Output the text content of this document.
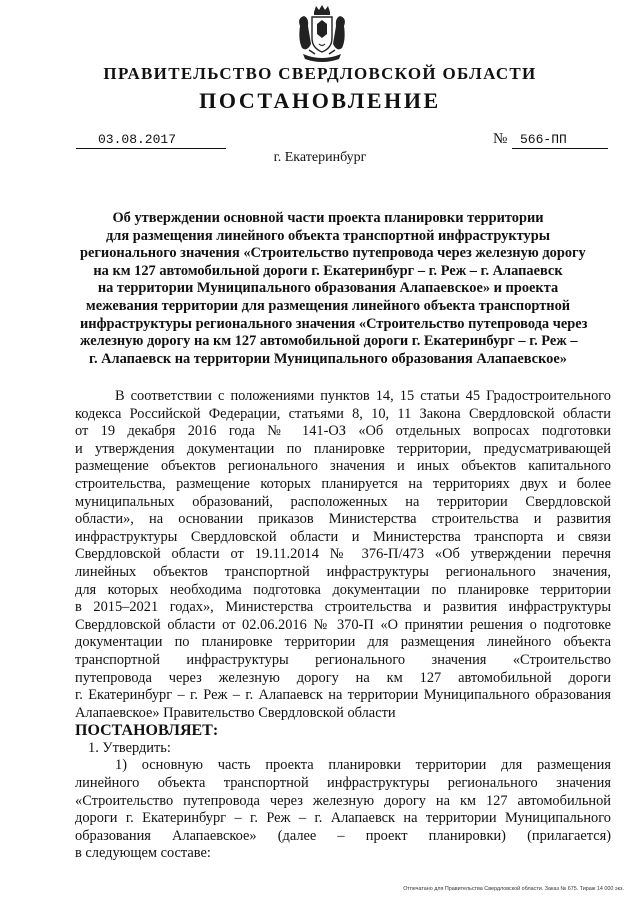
ПРАВИТЕЛЬСТВО СВЕРДЛОВСКОЙ ОБЛАСТИ
ПОСТАНОВЛЕНИЕ
03.08.2017	№ 566-ПП
г. Екатеринбург
Об утверждении основной части проекта планировки территории
для размещения линейного объекта транспортной инфраструктуры
регионального значения «Строительство путепровода через железную дорогу
на км 127 автомобильной дороги г. Екатеринбург – г. Реж – г. Алапаевск
на территории Муниципального образования Алапаевское» и проекта
межевания территории для размещения линейного объекта транспортной
инфраструктуры регионального значения «Строительство путепровода через
железную дорогу на км 127 автомобильной дороги г. Екатеринбург – г. Реж –
г. Алапаевск на территории Муниципального образования Алапаевское»
В соответствии с положениями пунктов 14, 15 статьи 45 Градостроительного
кодекса Российской Федерации, статьями 8, 10, 11 Закона Свердловской области
от 19 декабря 2016 года № 141-ОЗ «Об отдельных вопросах подготовки
и утверждения документации по планировке территории, предусматривающей
размещение объектов регионального значения и иных объектов капитального
строительства, размещение которых планируется на территориях двух и более
муниципальных образований, расположенных на территории Свердловской
области», на основании приказов Министерства строительства и развития
инфраструктуры Свердловской области и Министерства транспорта и связи
Свердловской области от 19.11.2014 № 376-П/473 «Об утверждении перечня
линейных объектов транспортной инфраструктуры регионального значения,
для которых необходима подготовка документации по планировке территории
в 2015–2021 годах», Министерства строительства и развития инфраструктуры
Свердловской области от 02.06.2016 № 370-П «О принятии решения о подготовке
документации по планировке территории для размещения линейного объекта
транспортной инфраструктуры регионального значения «Строительство
путепровода через железную дорогу на км 127 автомобильной дороги
г. Екатеринбург – г. Реж – г. Алапаевск на территории Муниципального образования
Алапаевское» Правительство Свердловской области
ПОСТАНОВЛЯЕТ:
1. Утвердить:
1) основную часть проекта планировки территории для размещения
линейного объекта транспортной инфраструктуры регионального значения
«Строительство путепровода через железную дорогу на км 127 автомобильной
дороги г. Екатеринбург – г. Реж – г. Алапаевск на территории Муниципального
образования Алапаевское» (далее – проект планировки) (прилагается)
в следующем составе:
Отпечатано для Правительства Свердловской области. Заказ № 675. Тираж 14 000 экз.
